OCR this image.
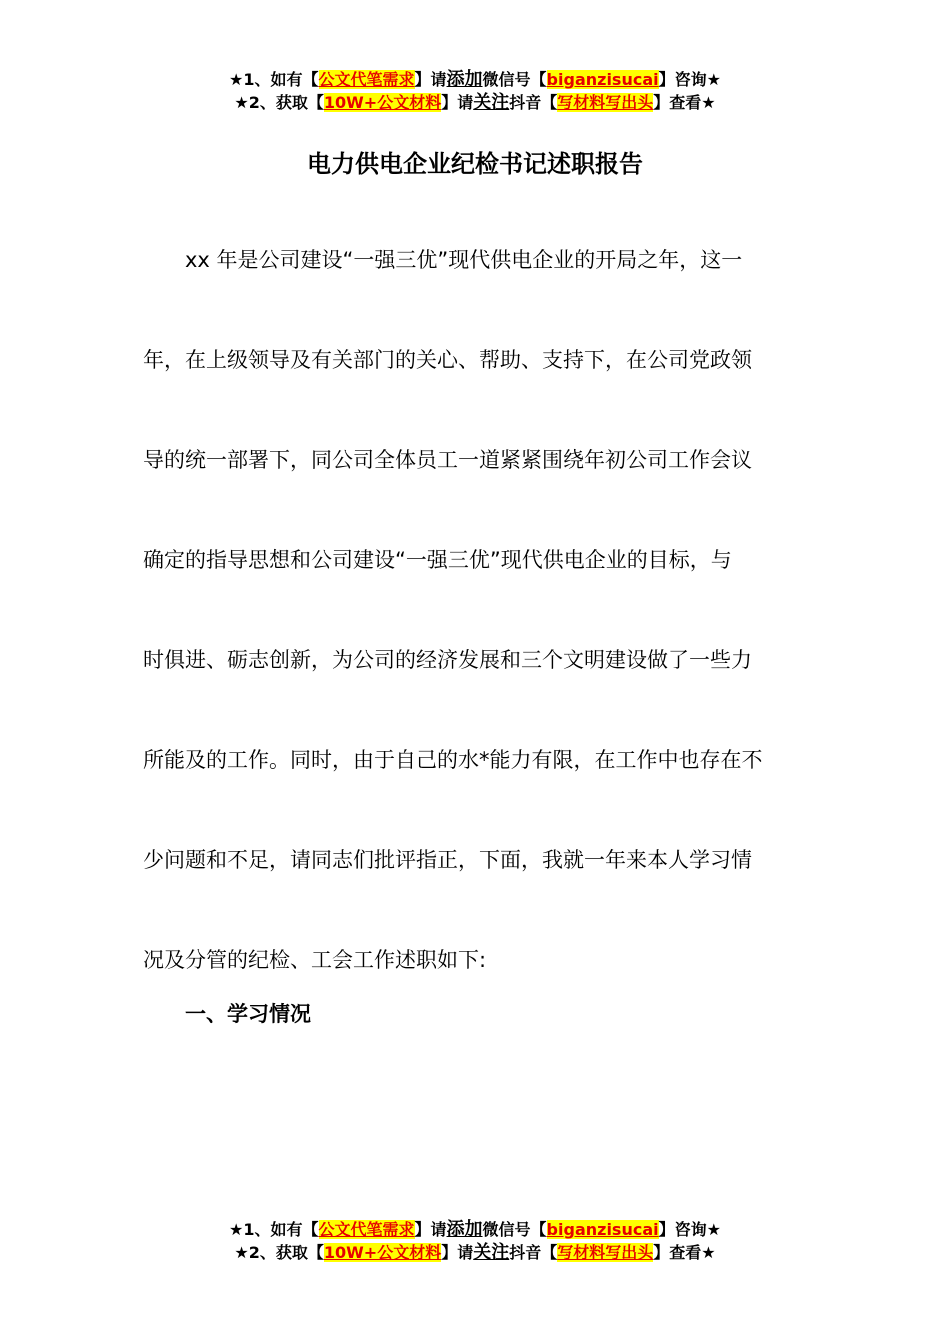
★1、如有【公文代笔需求】请添加微信号【biganzisucai】咨询★
★2、获取【10W+公文材料】请关注抖音【写材料写出头】查看★
电力供电企业纪检书记述职报告
xx 年是公司建设“一强三优”现代供电企业的开局之年，这一
年，在上级领导及有关部门的关心、帮助、支持下，在公司党政领
导的统一部署下，同公司全体员工一道紧紧围绕年初公司工作会议
确定的指导思想和公司建设“一强三优”现代供电企业的目标，与
时俱进、砺志创新，为公司的经济发展和三个文明建设做了一些力
所能及的工作。同时，由于自己的水*能力有限，在工作中也存在不
少问题和不足，请同志们批评指正，下面，我就一年来本人学习情
况及分管的纪检、工会工作述职如下:
一、学习情况
★1、如有【公文代笔需求】请添加微信号【biganzisucai】咨询★
★2、获取【10W+公文材料】请关注抖音【写材料写出头】查看★
